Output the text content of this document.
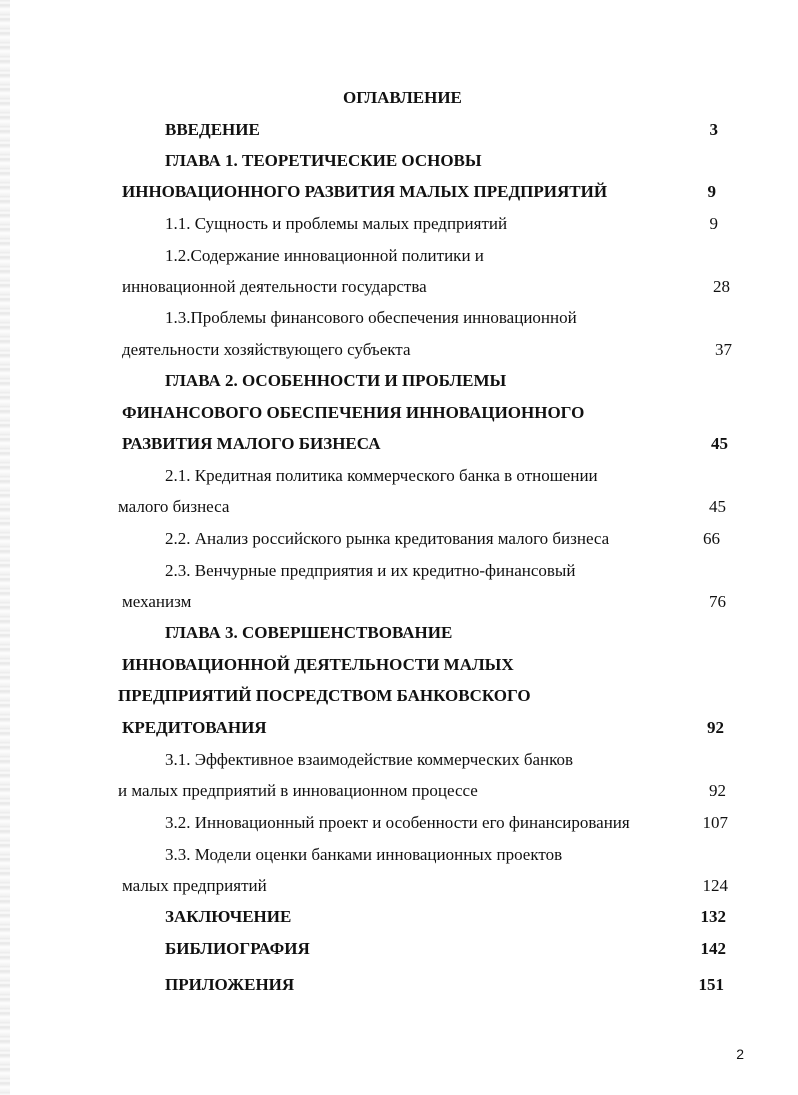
ОГЛАВЛЕНИЕ
ВВЕДЕНИЕ	3
ГЛАВА 1. ТЕОРЕТИЧЕСКИЕ ОСНОВЫ
ИННОВАЦИОННОГО РАЗВИТИЯ МАЛЫХ ПРЕДПРИЯТИЙ	9
1.1. Сущность и проблемы малых предприятий	9
1.2.Содержание инновационной политики и
инновационной деятельности государства	28
1.3.Проблемы финансового обеспечения инновационной
деятельности хозяйствующего субъекта	37
ГЛАВА 2. ОСОБЕННОСТИ И ПРОБЛЕМЫ
ФИНАНСОВОГО ОБЕСПЕЧЕНИЯ ИННОВАЦИОННОГО
РАЗВИТИЯ МАЛОГО БИЗНЕСА	45
2.1. Кредитная политика коммерческого банка в отношении
малого бизнеса	45
2.2. Анализ российского рынка кредитования малого бизнеса	66
2.3. Венчурные предприятия и их кредитно-финансовый
механизм	76
ГЛАВА 3. СОВЕРШЕНСТВОВАНИЕ
ИННОВАЦИОННОЙ ДЕЯТЕЛЬНОСТИ МАЛЫХ
ПРЕДПРИЯТИЙ ПОСРЕДСТВОМ БАНКОВСКОГО
КРЕДИТОВАНИЯ	92
3.1. Эффективное взаимодействие коммерческих банков
и малых предприятий в инновационном процессе	92
3.2. Инновационный проект и особенности его финансирования	107
3.3. Модели оценки банками инновационных проектов
малых предприятий	124
ЗАКЛЮЧЕНИЕ	132
БИБЛИОГРАФИЯ	142
ПРИЛОЖЕНИЯ	151
2
